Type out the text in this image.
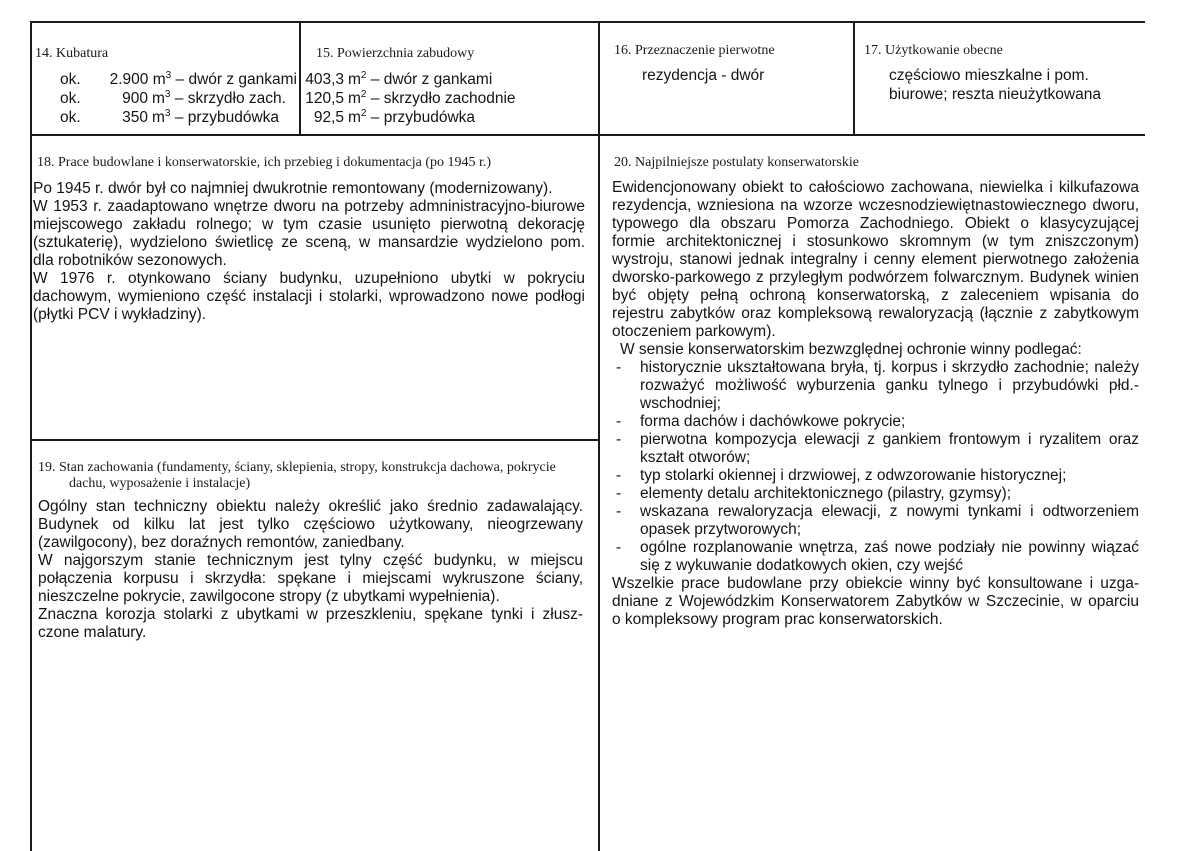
14. Kubatura
ok.	2.900 $m^3$ – dwór z gankami
ok.	900 $m^3$ – skrzydło zach.
ok.	350 $m^3$ – przybudówka
15. Powierzchnia zabudowy
403,3 $m^2$ – dwór z gankami
120,5 $m^2$ – skrzydło zachodnie
92,5 $m^2$ – przybudówka
16. Przeznaczenie pierwotne
rezydencja - dwór
17. Użytkowanie obecne
częściowo mieszkalne i pom.
biurowe; reszta nieużytkowana
18. Prace budowlane i konserwatorskie, ich przebieg i dokumentacja (po 1945 r.)
Po 1945 r. dwór był co najmniej dwukrotnie remontowany (modernizowany).
W 1953 r. zaadaptowano wnętrze dworu na potrzeby admninistracyjno-biurowe
miejscowego zakładu rolnego; w tym czasie usunięto pierwotną dekorację
(sztukaterię), wydzielono świetlicę ze sceną, w mansardzie wydzielono pom.
dla robotników sezonowych.
W 1976 r. otynkowano ściany budynku, uzupełniono ubytki w pokryciu
dachowym, wymieniono część instalacji i stolarki, wprowadzono nowe podłogi
(płytki PCV i wykładziny).
19. Stan zachowania (fundamenty, ściany, sklepienia, stropy, konstrukcja dachowa, pokrycie
dachu, wyposażenie i instalacje)
Ogólny stan techniczny obiektu należy określić jako średnio zadawalający.
Budynek od kilku lat jest tylko częściowo użytkowany, nieogrzewany
(zawilgocony), bez doraźnych remontów, zaniedbany.
W najgorszym stanie technicznym jest tylny część budynku, w miejscu
połączenia korpusu i skrzydła: spękane i miejscami wykruszone ściany,
nieszczelne pokrycie, zawilgocone stropy (z ubytkami wypełnienia).
Znaczna korozja stolarki z ubytkami w przeszkleniu, spękane tynki i złusz-
czone malatury.
20. Najpilniejsze postulaty konserwatorskie
Ewidencjonowany obiekt to całościowo zachowana, niewielka i kilkufazowa
rezydencja, wzniesiona na wzorze wczesnodziewiętnastowiecznego dworu,
typowego dla obszaru Pomorza Zachodniego. Obiekt o klasycyzującej
formie architektonicznej i stosunkowo skromnym (w tym zniszczonym)
wystroju, stanowi jednak integralny i cenny element pierwotnego założenia
dworsko-parkowego z przyległym podwórzem folwarcznym. Budynek winien
być objęty pełną ochroną konserwatorską, z zaleceniem wpisania do
rejestru zabytków oraz kompleksową rewaloryzacją (łącznie z zabytkowym
otoczeniem parkowym).
W sensie konserwatorskim bezwzględnej ochronie winny podlegać:
-	historycznie ukształtowana bryła, tj. korpus i skrzydło zachodnie; należy
rozważyć możliwość wyburzenia ganku tylnego i przybudówki płd.-
wschodniej;
-	forma dachów i dachówkowe pokrycie;
-	pierwotna kompozycja elewacji z gankiem frontowym i ryzalitem oraz
kształt otworów;
-	typ stolarki okiennej i drzwiowej, z odwzorowanie historycznej;
-	elementy detalu architektonicznego (pilastry, gzymsy);
-	wskazana rewaloryzacja elewacji, z nowymi tynkami i odtworzeniem
opasek przytworowych;
-	ogólne rozplanowanie wnętrza, zaś nowe podziały nie powinny wiązać
się z wykuwanie dodatkowych okien, czy wejść
Wszelkie prace budowlane przy obiekcie winny być konsultowane i uzga-
dniane z Wojewódzkim Konserwatorem Zabytków w Szczecinie, w oparciu
o kompleksowy program prac konserwatorskich.
